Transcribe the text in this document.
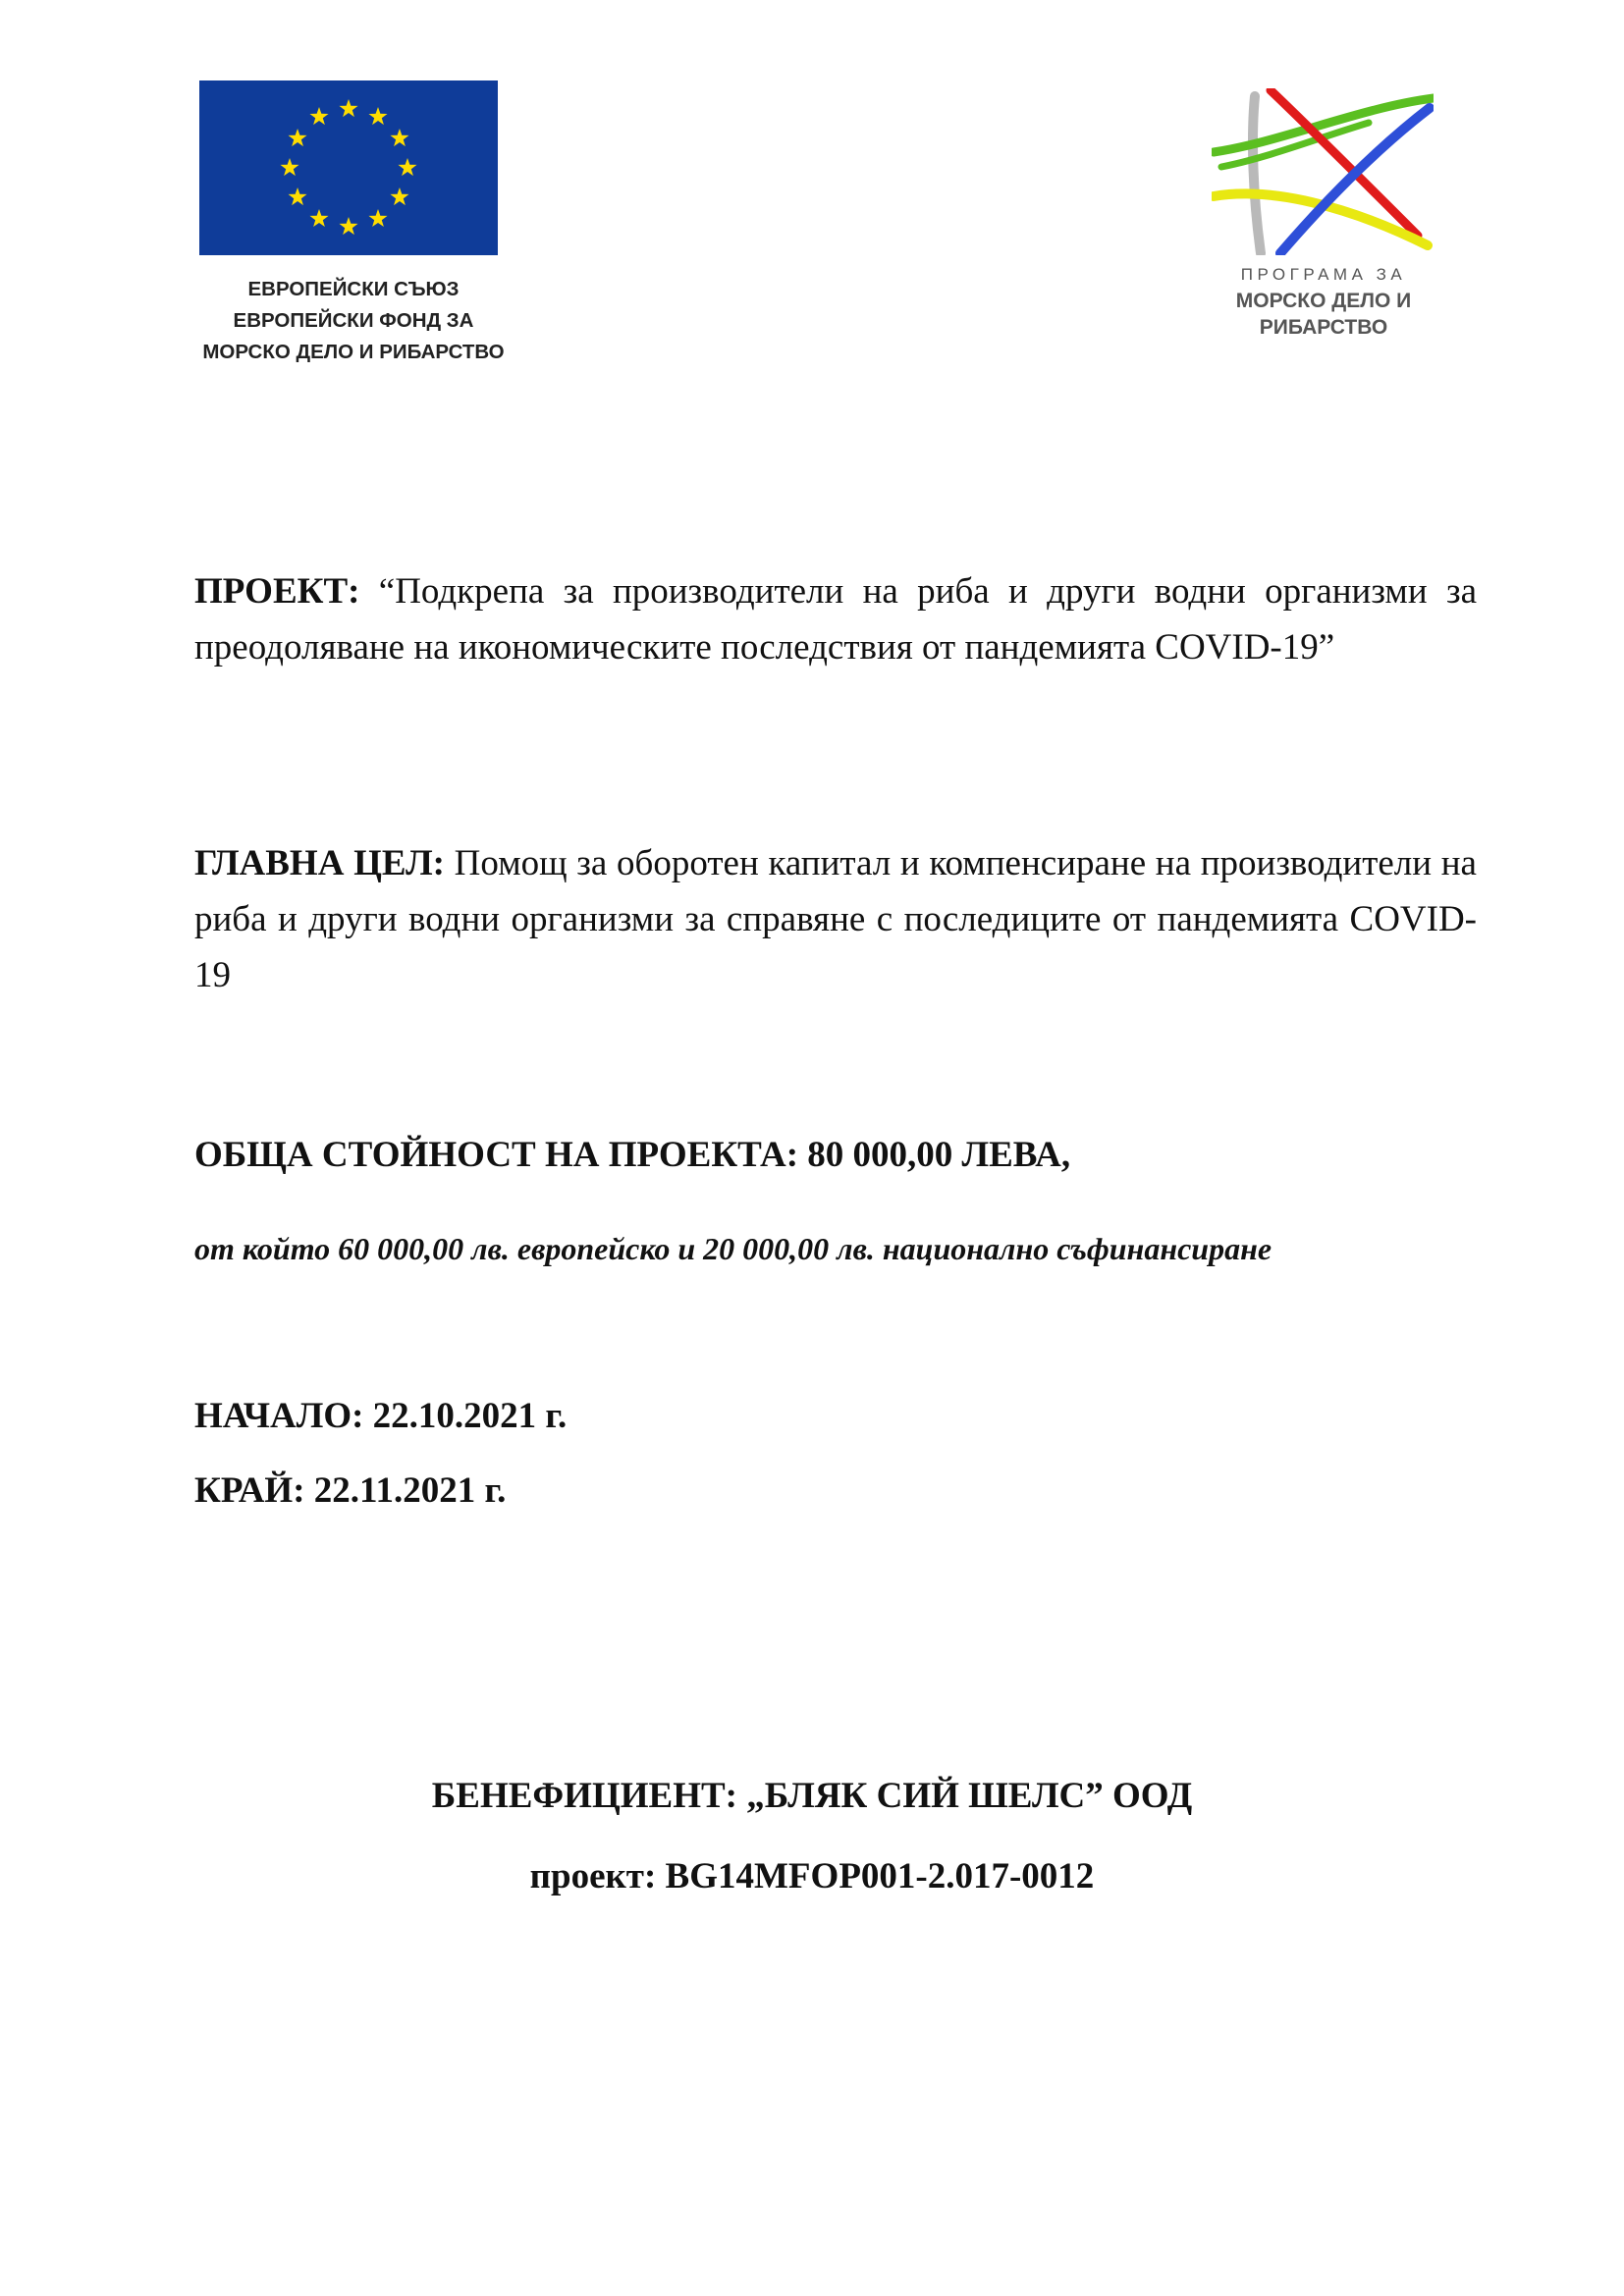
ЕВРОПЕЙСКИ СЪЮЗ
ЕВРОПЕЙСКИ ФОНД ЗА
МОРСКО ДЕЛО И РИБАРСТВО
ПРОГРАМА ЗА
МОРСКО ДЕЛО И
РИБАРСТВО
ПРОЕКТ: “Подкрепа за производители на риба и други водни организми за преодоляване на икономическите последствия от пандемията COVID-19”
ГЛАВНА ЦЕЛ: Помощ за оборотен капитал и компенсиране на производители на риба и други водни организми за справяне с последиците от пандемията COVID-19
ОБЩА СТОЙНОСТ НА ПРОЕКТА: 80 000,00 ЛЕВА,
от който 60 000,00 лв. европейско и 20 000,00 лв. национално съфинансиране
НАЧАЛО: 22.10.2021 г.
КРАЙ: 22.11.2021 г.
БЕНЕФИЦИЕНТ: „БЛЯК СИЙ ШЕЛС” ООД
проект: BG14MFOP001-2.017-0012
